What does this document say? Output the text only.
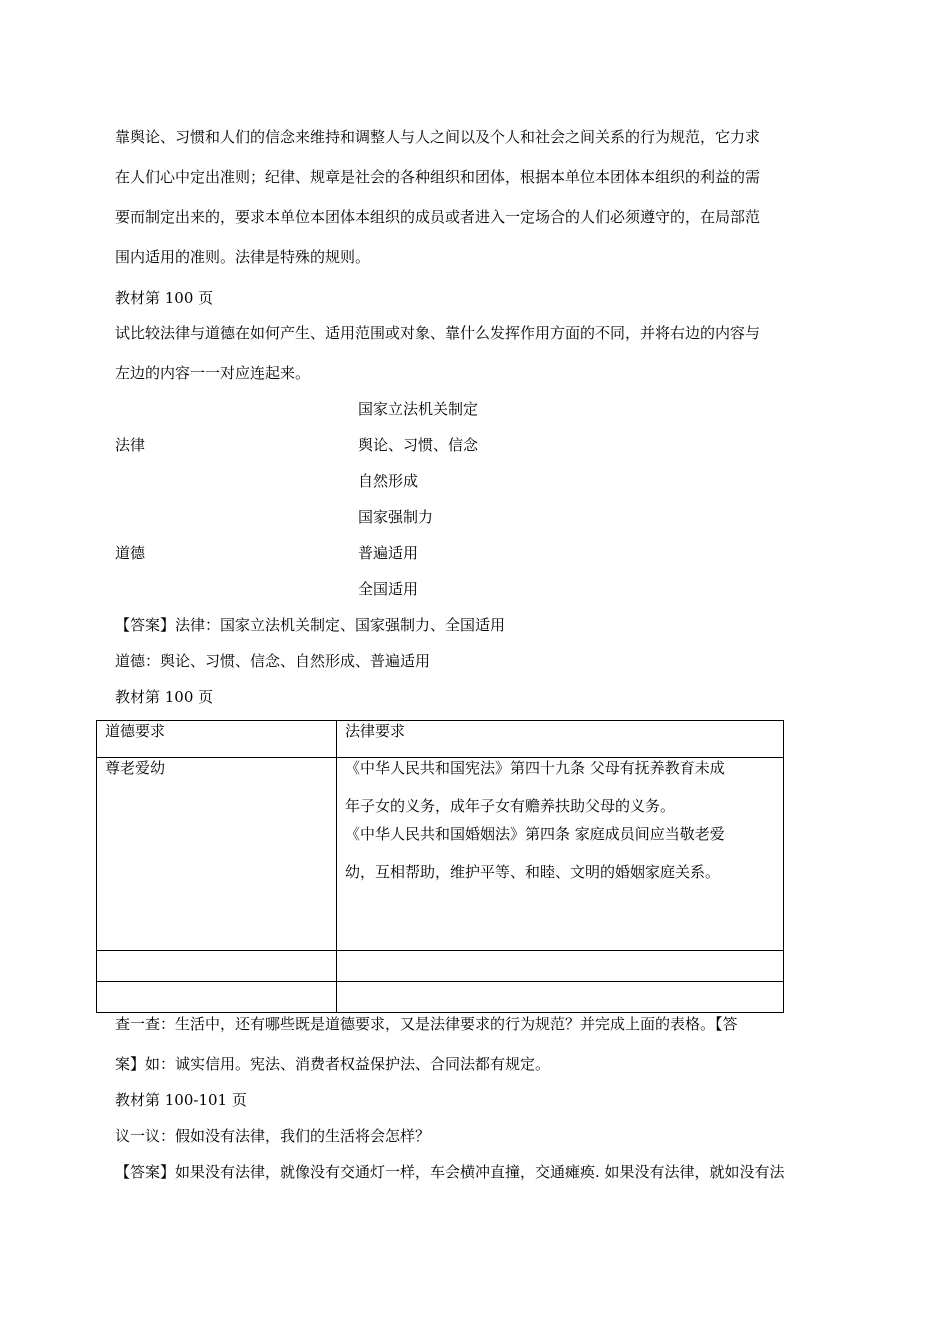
靠舆论、习惯和人们的信念来维持和调整人与人之间以及个人和社会之间关系的行为规范，它力求
在人们心中定出准则；纪律、规章是社会的各种组织和团体，根据本单位本团体本组织的利益的需
要而制定出来的，要求本单位本团体本组织的成员或者进入一定场合的人们必须遵守的，在局部范
围内适用的准则。法律是特殊的规则。
教材第 100 页
试比较法律与道德在如何产生、适用范围或对象、靠什么发挥作用方面的不同，并将右边的内容与
左边的内容一一对应连起来。
国家立法机关制定
法律	舆论、习惯、信念
自然形成
国家强制力
道德	普遍适用
全国适用
【答案】法律：国家立法机关制定、国家强制力、全国适用
道德：舆论、习惯、信念、自然形成、普遍适用
教材第 100 页
道德要求	法律要求
尊老爱幼	《中华人民共和国宪法》第四十九条 父母有抚养教育未成

年子女的义务，成年子女有赡养扶助父母的义务。

《中华人民共和国婚姻法》第四条 家庭成员间应当敬老爱

幼，互相帮助，维护平等、和睦、文明的婚姻家庭关系。

查一查：生活中，还有哪些既是道德要求，又是法律要求的行为规范？并完成上面的表格。【答
案】如：诚实信用。宪法、消费者权益保护法、合同法都有规定。
教材第 100-101 页
议一议：假如没有法律，我们的生活将会怎样？
【答案】如果没有法律，就像没有交通灯一样，车会横冲直撞，交通瘫痪. 如果没有法律，就如没有法
